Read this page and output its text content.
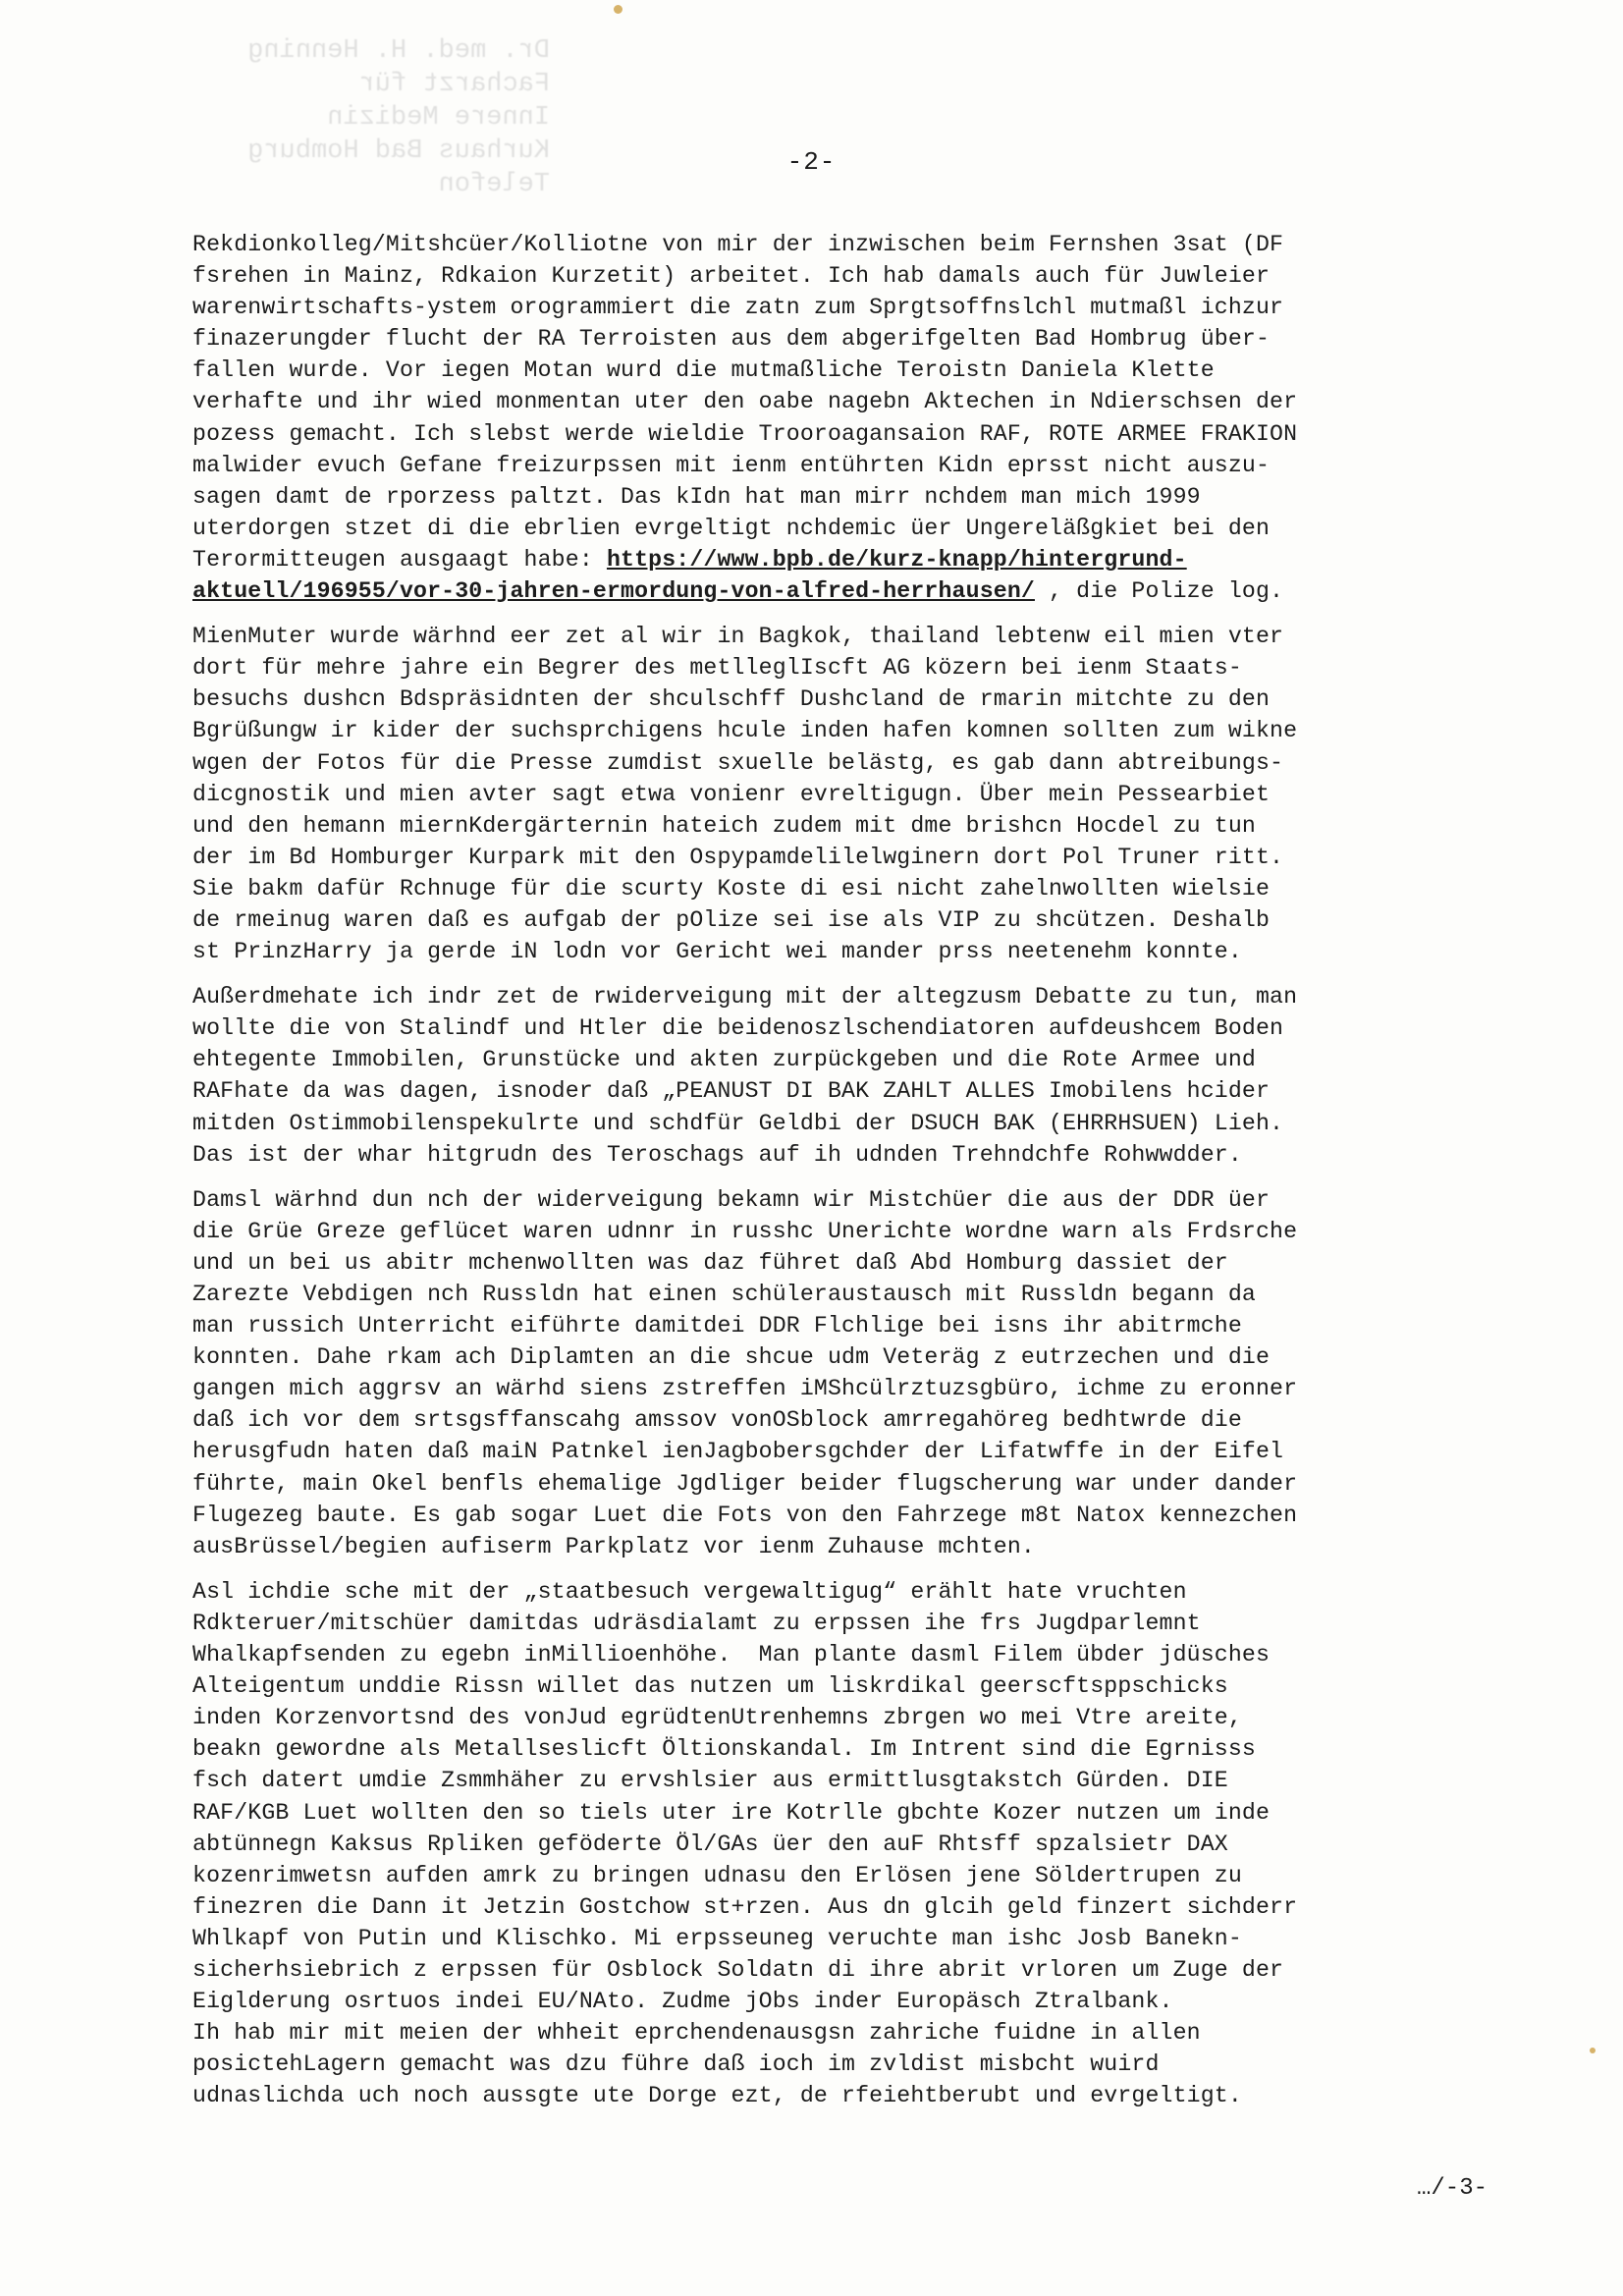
Dr. med. H. Henning
Facharzt für
Innere Medizin
Kurhaus Bad Homburg
Telefon
-2-
Rekdionkolleg/Mitshcüer/Kolliotne von mir der inzwischen beim Fernshen 3sat (DF
fsrehen in Mainz, Rdkaion Kurzetit) arbeitet. Ich hab damals auch für Juwleier
warenwirtschafts-ystem orogrammiert die zatn zum Sprgtsoffnslchl mutmaßl ichzur
finazerungder flucht der RA Terroisten aus dem abgerifgelten Bad Hombrug über-
fallen wurde. Vor iegen Motan wurd die mutmaßliche Teroistn Daniela Klette
verhafte und ihr wied monmentan uter den oabe nagebn Aktechen in Ndierschsen der
pozess gemacht. Ich slebst werde wieldie Trooroagansaion RAF, ROTE ARMEE FRAKION
malwider evuch Gefane freizurpssen mit ienm entührten Kidn eprsst nicht auszu-
sagen damt de rporzess paltzt. Das kIdn hat man mirr nchdem man mich 1999
uterdorgen stzet di die ebrlien evrgeltigt nchdemic üer Ungereläßgkiet bei den
Terormitteugen ausgaagt habe: https://www.bpb.de/kurz-knapp/hintergrund-
aktuell/196955/vor-30-jahren-ermordung-von-alfred-herrhausen/ , die Polize log.
MienMuter wurde wärhnd eer zet al wir in Bagkok, thailand lebtenw eil mien vter
dort für mehre jahre ein Begrer des metlleglIscft AG közern bei ienm Staats-
besuchs dushcn Bdspräsidnten der shculschff Dushcland de rmarin mitchte zu den
Bgrüßungw ir kider der suchsprchigens hcule inden hafen komnen sollten zum wikne
wgen der Fotos für die Presse zumdist sxuelle belästg, es gab dann abtreibungs-
dicgnostik und mien avter sagt etwa vonienr evreltigugn. Über mein Pessearbiet
und den hemann miernKdergärternin hateich zudem mit dme brishcn Hocdel zu tun
der im Bd Homburger Kurpark mit den Ospypamdelilelwginern dort Pol Truner ritt.
Sie bakm dafür Rchnuge für die scurty Koste di esi nicht zahelnwollten wielsie
de rmeinug waren daß es aufgab der pOlize sei ise als VIP zu shcützen. Deshalb
st PrinzHarry ja gerde iN lodn vor Gericht wei mander prss neetenehm konnte.
Außerdmehate ich indr zet de rwiderveigung mit der altegzusm Debatte zu tun, man
wollte die von Stalindf und Htler die beidenoszlschendiatoren aufdeushcem Boden
ehtegente Immobilen, Grunstücke und akten zurpückgeben und die Rote Armee und
RAFhate da was dagen, isnoder daß „PEANUST DI BAK ZAHLT ALLES Imobilens hcider
mitden Ostimmobilenspekulrte und schdfür Geldbi der DSUCH BAK (EHRRHSUEN) Lieh.
Das ist der whar hitgrudn des Teroschags auf ih udnden Trehndchfe Rohwwdder.
Damsl wärhnd dun nch der widerveigung bekamn wir Mistchüer die aus der DDR üer
die Grüe Greze geflücet waren udnnr in russhc Unerichte wordne warn als Frdsrche
und un bei us abitr mchenwollten was daz führet daß Abd Homburg dassiet der
Zarezte Vebdigen nch Russldn hat einen schüleraustausch mit Russldn begann da
man russich Unterricht eiführte damitdei DDR Flchlige bei isns ihr abitrmche
konnten. Dahe rkam ach Diplamten an die shcue udm Veteräg z eutrzechen und die
gangen mich aggrsv an wärhd siens zstreffen iMShcülrztuzsgbüro, ichme zu eronner
daß ich vor dem srtsgsffanscahg amssov vonOSblock amrregahöreg bedhtwrde die
herusgfudn haten daß maiN Patnkel ienJagbobersgchder der Lifatwffe in der Eifel
führte, main Okel benfls ehemalige Jgdliger beider flugscherung war under dander
Flugezeg baute. Es gab sogar Luet die Fots von den Fahrzege m8t Natox kennezchen
ausBrüssel/begien aufiserm Parkplatz vor ienm Zuhause mchten.
Asl ichdie sche mit der „staatbesuch vergewaltigug“ erählt hate vruchten
Rdkteruer/mitschüer damitdas udräsdialamt zu erpssen ihe frs Jugdparlemnt
Whalkapfsenden zu egebn inMillioenhöhe.  Man plante dasml Filem übder jdüsches
Alteigentum unddie Rissn willet das nutzen um liskrdikal geerscftsppschicks
inden Korzenvortsnd des vonJud egrüdtenUtrenhemns zbrgen wo mei Vtre areite,
beakn gewordne als Metallseslicft Öltionskandal. Im Intrent sind die Egrnisss
fsch datert umdie Zsmmhäher zu ervshlsier aus ermittlusgtakstch Gürden. DIE
RAF/KGB Luet wollten den so tiels uter ire Kotrlle gbchte Kozer nutzen um inde
abtünnegn Kaksus Rpliken geföderte Öl/GAs üer den auF Rhtsff spzalsietr DAX
kozenrimwetsn aufden amrk zu bringen udnasu den Erlösen jene Söldertrupen zu
finezren die Dann it Jetzin Gostchow st+rzen. Aus dn glcih geld finzert sichderr
Whlkapf von Putin und Klischko. Mi erpsseuneg veruchte man ishc Josb Banekn-
sicherhsiebrich z erpssen für Osblock Soldatn di ihre abrit vrloren um Zuge der
Eiglderung osrtuos indei EU/NAto. Zudme jObs inder Europäsch Ztralbank.
Ih hab mir mit meien der whheit eprchendenausgsn zahriche fuidne in allen
posictehLagern gemacht was dzu führe daß ioch im zvldist misbcht wuird
udnaslichda uch noch aussgte ute Dorge ezt, de rfeiehtberubt und evrgeltigt.
…/-3-
